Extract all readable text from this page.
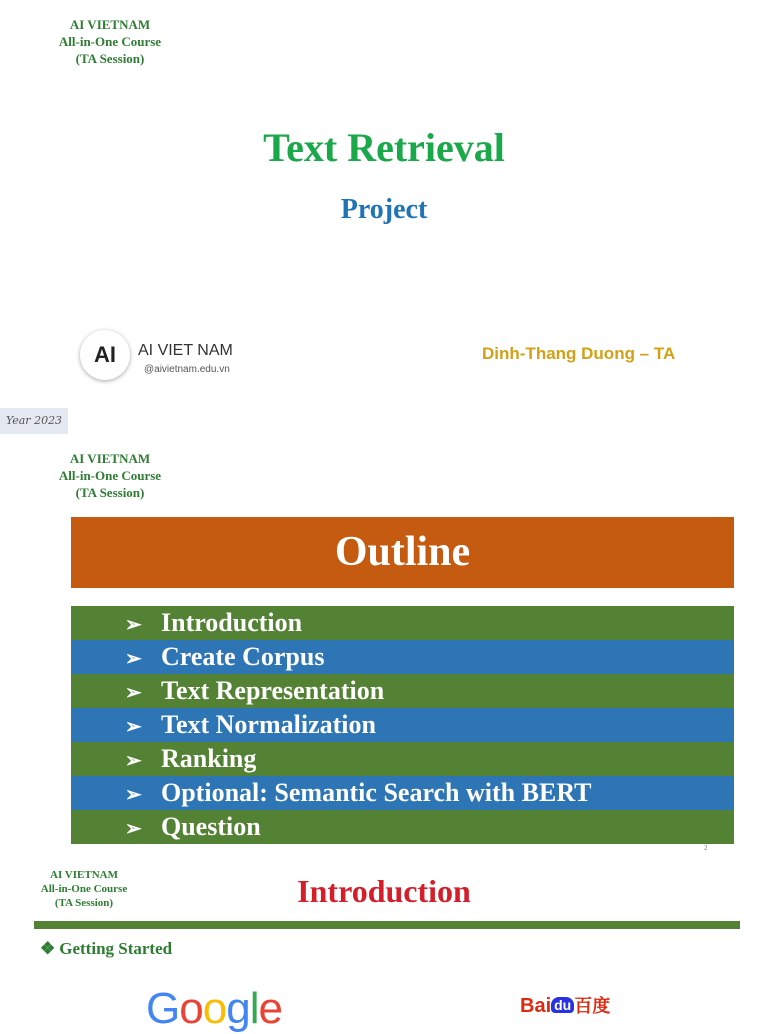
AI VIETNAM
All-in-One Course
(TA Session)
Text Retrieval
Project
AI	AI VIET NAM
@aivietnam.edu.vn
Dinh-Thang Duong – TA
Year 2023
AI VIETNAM
All-in-One Course
(TA Session)
Outline
➢ Introduction
➢ Create Corpus
➢ Text Representation
➢ Text Normalization
➢ Ranking
➢ Optional: Semantic Search with BERT
➢ Question
2
AI VIETNAM
All-in-One Course
(TA Session)	Introduction
❖ Getting Started
Google	Bai du 百度
